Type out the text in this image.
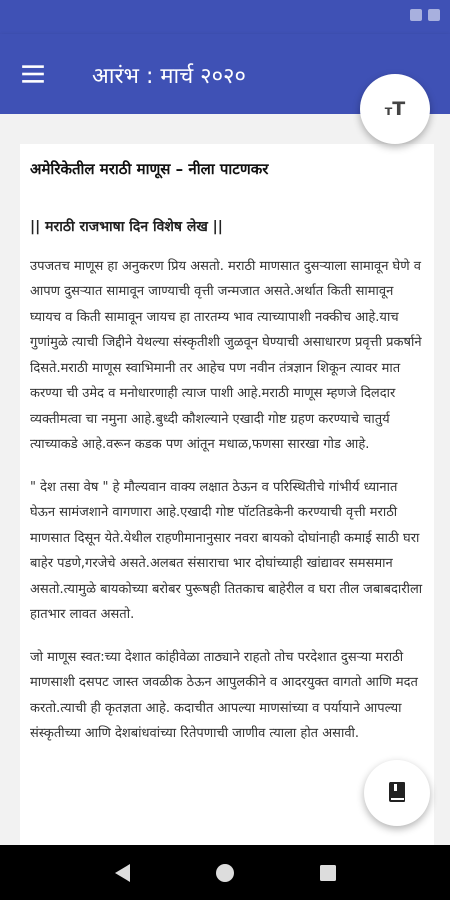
आरंभ : मार्च २०२०
тT
अमेरिकेतील मराठी माणूस – नीला पाटणकर
|| मराठी राजभाषा दिन विशेष लेख ||
उपजतच माणूस हा अनुकरण प्रिय असतो. मराठी माणसात दुसऱ्याला सामावून घेणे व आपण दुसऱ्यात सामावून जाण्याची वृत्ती जन्मजात असते.अर्थात किती सामावून घ्यायच व किती सामावून जायच हा तारतम्य भाव त्याच्यापाशी नक्कीच आहे.याच गुणांमुळे त्याची जिद्दीने येथल्या संस्कृतीशी जुळवून घेण्याची असाधारण प्रवृत्ती प्रकर्षाने दिसते.मराठी माणूस स्वाभिमानी तर आहेच पण नवीन तंत्रज्ञान शिकून त्यावर मात करण्या ची उमेद व मनोधारणाही त्याज पाशी आहे.मराठी माणूस म्हणजे दिलदार व्यक्तीमत्वा चा नमुना आहे.बुध्दी कौशल्याने एखादी गोष्ट ग्रहण करण्याचे चातुर्य त्याच्याकडे आहे.वरून कडक पण आंतून मधाळ,फणसा सारखा गोड आहे.
" देश तसा वेष " हे मौल्यवान वाक्य लक्षात ठेऊन व परिस्थितीचे गांभीर्य ध्यानात घेऊन सामंजशाने वागणारा आहे.एखादी गोष्ट पॉटतिडकेनी करण्याची वृत्ती मराठी माणसात दिसून येते.येथील राहणीमानानुसार नवरा बायको दोघांनाही कमाई साठी घरा बाहेर पडणे,गरजेचे असते.अलबत संसाराचा भार दोघांच्याही खांद्यावर समसमान असतो.त्यामुळे बायकोच्या बरोबर पुरूषही तितकाच बाहेरील व घरा तील जबाबदारीला हातभार लावत असतो.
जो माणूस स्वत:च्या देशात कांहीवेळा ताठ्याने राहतो तोच परदेशात दुसऱ्या मराठी माणसाशी दसपट जास्त जवळीक ठेऊन आपुलकीने व आदरयुक्त वागतो आणि मदत करतो.त्याची ही कृतज्ञता आहे. कदाचीत आपल्या माणसांच्या व पर्यायाने आपल्या संस्कृतीच्या आणि देशबांधवांच्या रितेपणाची जाणीव त्याला होत असावी.
